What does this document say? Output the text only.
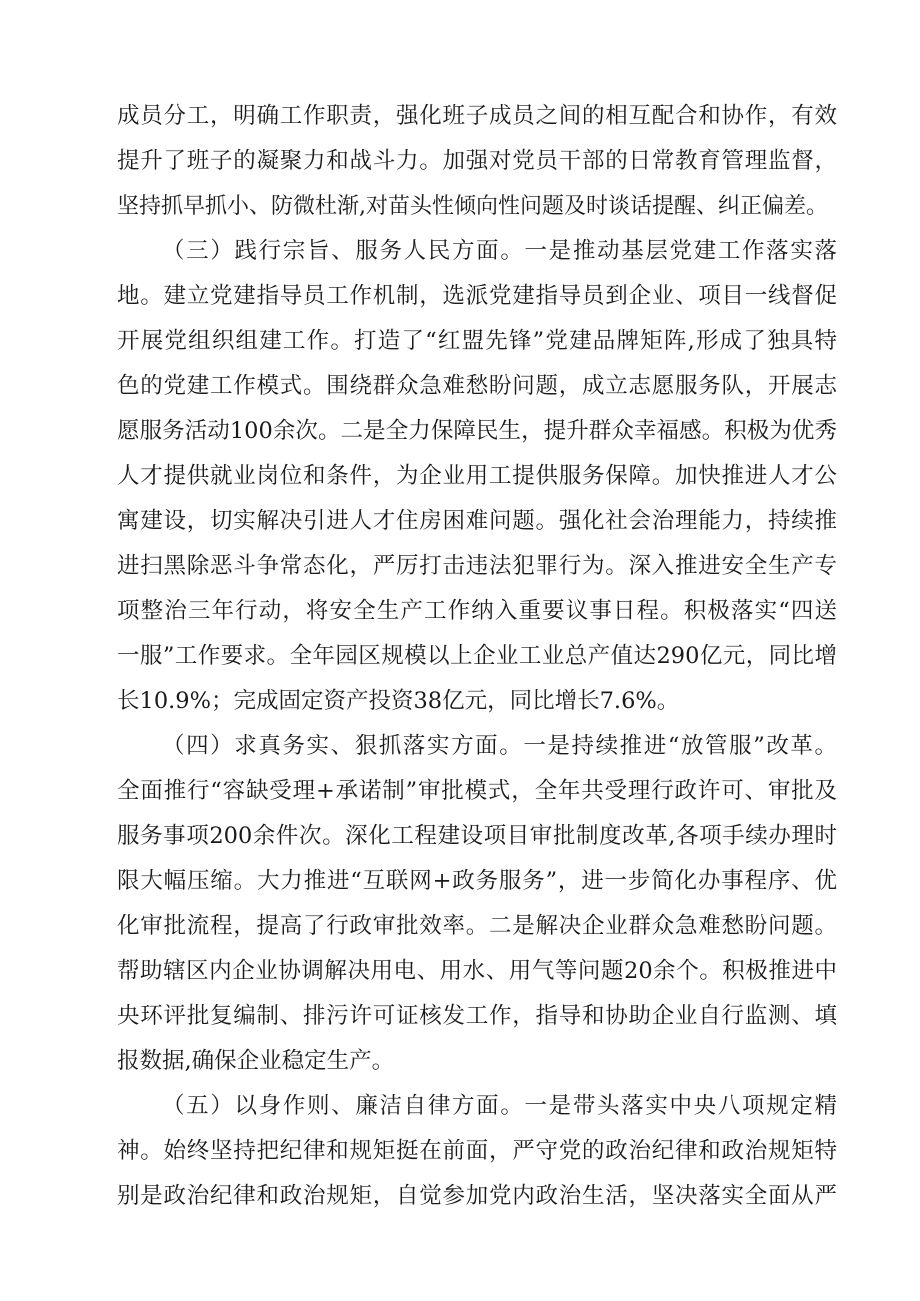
成员分工，明确工作职责，强化班子成员之间的相互配合和协作，有效
提升了班子的凝聚力和战斗力。加强对党员干部的日常教育管理监督，
坚持抓早抓小、防微杜渐,对苗头性倾向性问题及时谈话提醒、纠正偏差。
（三）践行宗旨、服务人民方面。一是推动基层党建工作落实落
地。建立党建指导员工作机制，选派党建指导员到企业、项目一线督促
开展党组织组建工作。打造了“红盟先锋”党建品牌矩阵,形成了独具特
色的党建工作模式。围绕群众急难愁盼问题，成立志愿服务队，开展志
愿服务活动100余次。二是全力保障民生，提升群众幸福感。积极为优秀
人才提供就业岗位和条件，为企业用工提供服务保障。加快推进人才公
寓建设，切实解决引进人才住房困难问题。强化社会治理能力，持续推
进扫黑除恶斗争常态化，严厉打击违法犯罪行为。深入推进安全生产专
项整治三年行动，将安全生产工作纳入重要议事日程。积极落实“四送
一服”工作要求。全年园区规模以上企业工业总产值达290亿元，同比增
长10.9%；完成固定资产投资38亿元，同比增长7.6%。
（四）求真务实、狠抓落实方面。一是持续推进“放管服”改革。
全面推行“容缺受理+承诺制”审批模式，全年共受理行政许可、审批及
服务事项200余件次。深化工程建设项目审批制度改革,各项手续办理时
限大幅压缩。大力推进“互联网+政务服务”，进一步简化办事程序、优
化审批流程，提高了行政审批效率。二是解决企业群众急难愁盼问题。
帮助辖区内企业协调解决用电、用水、用气等问题20余个。积极推进中
央环评批复编制、排污许可证核发工作，指导和协助企业自行监测、填
报数据,确保企业稳定生产。
（五）以身作则、廉洁自律方面。一是带头落实中央八项规定精
神。始终坚持把纪律和规矩挺在前面，严守党的政治纪律和政治规矩特
别是政治纪律和政治规矩，自觉参加党内政治生活，坚决落实全面从严
